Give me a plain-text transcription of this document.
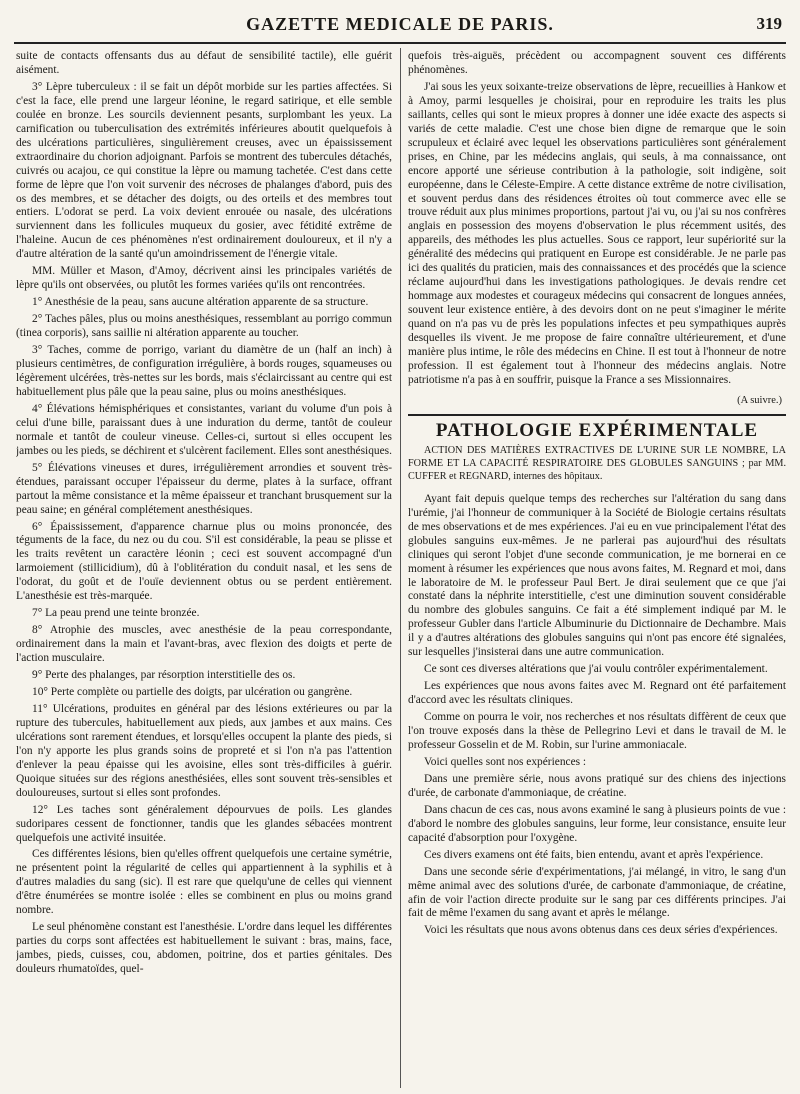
GAZETTE MEDICALE DE PARIS.	319

suite de contacts offensants dus au défaut de sensibilité tactile), elle guérit aisément.

3° Lèpre tuberculeux : il se fait un dépôt morbide sur les parties affectées. Si c'est la face, elle prend une largeur léonine, le regard satirique, et elle semble coulée en bronze. Les sourcils deviennent pesants, surplombant les yeux. La carnification ou tuberculisation des extrémités inférieures aboutit quelquefois à des ulcérations particulières, singulièrement creuses, avec un épaississement extraordinaire du chorion adjoignant. Parfois se montrent des tubercules détachés, cuivrés ou acajou, ce qui constitue la lèpre ou mamung tachetée. C'est dans cette forme de lèpre que l'on voit survenir des nécroses de phalanges d'abord, puis des os des membres, et se détacher des doigts, ou des orteils et des membres tout entiers. L'odorat se perd. La voix devient enrouée ou nasale, des ulcérations surviennent dans les follicules muqueux du gosier, avec fétidité extrême de l'haleine. Aucun de ces phénomènes n'est ordinairement douloureux, et il n'y a d'autre altération de la santé qu'un amoindrissement de l'énergie vitale.

MM. Müller et Mason, d'Amoy, décrivent ainsi les principales variétés de lèpre qu'ils ont observées, ou plutôt les formes variées qu'ils ont rencontrées.

1° Anesthésie de la peau, sans aucune altération apparente de sa structure.

2° Taches pâles, plus ou moins anesthésiques, ressemblant au porrigo commun (tinea corporis), sans saillie ni altération apparente au toucher.

3° Taches, comme de porrigo, variant du diamètre de un (half an inch) à plusieurs centimètres, de configuration irrégulière, à bords rouges, squameuses ou légèrement ulcérées, très-nettes sur les bords, mais s'éclaircissant au centre qui est habituellement plus pâle que la peau saine, plus ou moins anesthésiques.

4° Élévations hémisphériques et consistantes, variant du volume d'un pois à celui d'une bille, paraissant dues à une induration du derme, tantôt de couleur normale et tantôt de couleur vineuse. Celles-ci, surtout si elles occupent les jambes ou les pieds, se déchirent et s'ulcèrent facilement. Elles sont anesthésiques.

5° Élévations vineuses et dures, irrégulièrement arrondies et souvent très-étendues, paraissant occuper l'épaisseur du derme, plates à la surface, offrant partout la même consistance et la même épaisseur et tranchant brusquement sur la peau saine; en général complétement anesthésiques.

6° Épaississement, d'apparence charnue plus ou moins prononcée, des téguments de la face, du nez ou du cou. S'il est considérable, la peau se plisse et les traits revêtent un caractère léonin ; ceci est souvent accompagné d'un larmoiement (stillicidium), dû à l'oblitération du conduit nasal, et les sens de l'odorat, du goût et de l'ouïe deviennent obtus ou se perdent entièrement. L'anesthésie est très-marquée.

7° La peau prend une teinte bronzée.

8° Atrophie des muscles, avec anesthésie de la peau correspondante, ordinairement dans la main et l'avant-bras, avec flexion des doigts et perte de l'action musculaire.

9° Perte des phalanges, par résorption interstitielle des os.

10° Perte complète ou partielle des doigts, par ulcération ou gangrène.

11° Ulcérations, produites en général par des lésions extérieures ou par la rupture des tubercules, habituellement aux pieds, aux jambes et aux mains. Ces ulcérations sont rarement étendues, et lorsqu'elles occupent la plante des pieds, si l'on n'y apporte les plus grands soins de propreté et si l'on n'a pas l'attention d'enlever la peau épaisse qui les avoisine, elles sont très-difficiles à guérir. Quoique situées sur des régions anesthésiées, elles sont souvent très-sensibles et douloureuses, surtout si elles sont profondes.

12° Les taches sont généralement dépourvues de poils. Les glandes sudoripares cessent de fonctionner, tandis que les glandes sébacées montrent quelquefois une activité insuitée.

Ces différentes lésions, bien qu'elles offrent quelquefois une certaine symétrie, ne présentent point la régularité de celles qui appartiennent à la syphilis et à d'autres maladies du sang (sic). Il est rare que quelqu'une de celles qui viennent d'être énumérées se montre isolée : elles se combinent en plus ou moins grand nombre.

Le seul phénomène constant est l'anesthésie. L'ordre dans lequel les différentes parties du corps sont affectées est habituellement le suivant : bras, mains, face, jambes, pieds, cuisses, cou, abdomen, poitrine, dos et parties génitales. Des douleurs rhumatoïdes, quel-

quefois très-aiguës, précèdent ou accompagnent souvent ces différents phénomènes.

J'ai sous les yeux soixante-treize observations de lèpre, recueillies à Hankow et à Amoy, parmi lesquelles je choisirai, pour en reproduire les traits les plus saillants, celles qui sont le mieux propres à donner une idée exacte des aspects si variés de cette maladie. C'est une chose bien digne de remarque que le soin scrupuleux et éclairé avec lequel les observations particulières sont généralement prises, en Chine, par les médecins anglais, qui seuls, à ma connaissance, ont encore apporté une sérieuse contribution à la pathologie, soit indigène, soit européenne, dans le Céleste-Empire. A cette distance extrême de notre civilisation, et souvent perdus dans des résidences étroites où tout commerce avec elle se trouve réduit aux plus minimes proportions, partout j'ai vu, ou j'ai su nos confrères anglais en possession des moyens d'observation le plus récemment usités, des appareils, des méthodes les plus actuelles. Sous ce rapport, leur supériorité sur la généralité des médecins qui pratiquent en Europe est considérable. Je ne parle pas ici des qualités du praticien, mais des connaissances et des procédés que la science réclame aujourd'hui dans les investigations pathologiques. Je devais rendre cet hommage aux modestes et courageux médecins qui consacrent de longues années, souvent leur existence entière, à des devoirs dont on ne peut s'imaginer le mérite quand on n'a pas vu de près les populations infectes et peu sympathiques auprès desquelles ils vivent. Je me propose de faire connaître ultérieurement, et d'une manière plus intime, le rôle des médecins en Chine. Il est tout à l'honneur de notre profession. Il est également tout à l'honneur des médecins anglais. Notre patriotisme n'a pas à en souffrir, puisque la France a ses Missionnaires.

(A suivre.)
PATHOLOGIE EXPÉRIMENTALE
ACTION DES MATIÈRES EXTRACTIVES DE L'URINE SUR LE NOMBRE, LA FORME ET LA CAPACITÉ RESPIRATOIRE DES GLOBULES SANGUINS ; par MM. CUFFER et REGNARD, internes des hôpitaux.

Ayant fait depuis quelque temps des recherches sur l'altération du sang dans l'urémie, j'ai l'honneur de communiquer à la Société de Biologie certains résultats de mes observations et de mes expériences. J'ai eu en vue principalement l'état des globules sanguins eux-mêmes. Je ne parlerai pas aujourd'hui des résultats cliniques qui seront l'objet d'une seconde communication, je me bornerai en ce moment à résumer les expériences que nous avons faites, M. Regnard et moi, dans le laboratoire de M. le professeur Paul Bert. Je dirai seulement que ce que j'ai constaté dans la néphrite interstitielle, c'est une diminution souvent considérable du nombre des globules sanguins. Ce fait a été simplement indiqué par M. le professeur Gubler dans l'article Albuminurie du Dictionnaire de Dechambre. Mais il y a d'autres altérations des globules sanguins qui n'ont pas encore été signalées, sur lesquelles j'insisterai dans une autre communication.

Ce sont ces diverses altérations que j'ai voulu contrôler expérimentalement.

Les expériences que nous avons faites avec M. Regnard ont été parfaitement d'accord avec les résultats cliniques.

Comme on pourra le voir, nos recherches et nos résultats diffèrent de ceux que l'on trouve exposés dans la thèse de Pellegrino Levi et dans le travail de M. le professeur Gosselin et de M. Robin, sur l'urine ammoniacale.

Voici quelles sont nos expériences :

Dans une première série, nous avons pratiqué sur des chiens des injections d'urée, de carbonate d'ammoniaque, de créatine.

Dans chacun de ces cas, nous avons examiné le sang à plusieurs points de vue : d'abord le nombre des globules sanguins, leur forme, leur consistance, ensuite leur capacité d'absorption pour l'oxygène.

Ces divers examens ont été faits, bien entendu, avant et après l'expérience.

Dans une seconde série d'expérimentations, j'ai mélangé, in vitro, le sang d'un même animal avec des solutions d'urée, de carbonate d'ammoniaque, de créatine, afin de voir l'action directe produite sur le sang par ces différents principes. J'ai fait de même l'examen du sang avant et après le mélange.

Voici les résultats que nous avons obtenus dans ces deux séries d'expériences.
